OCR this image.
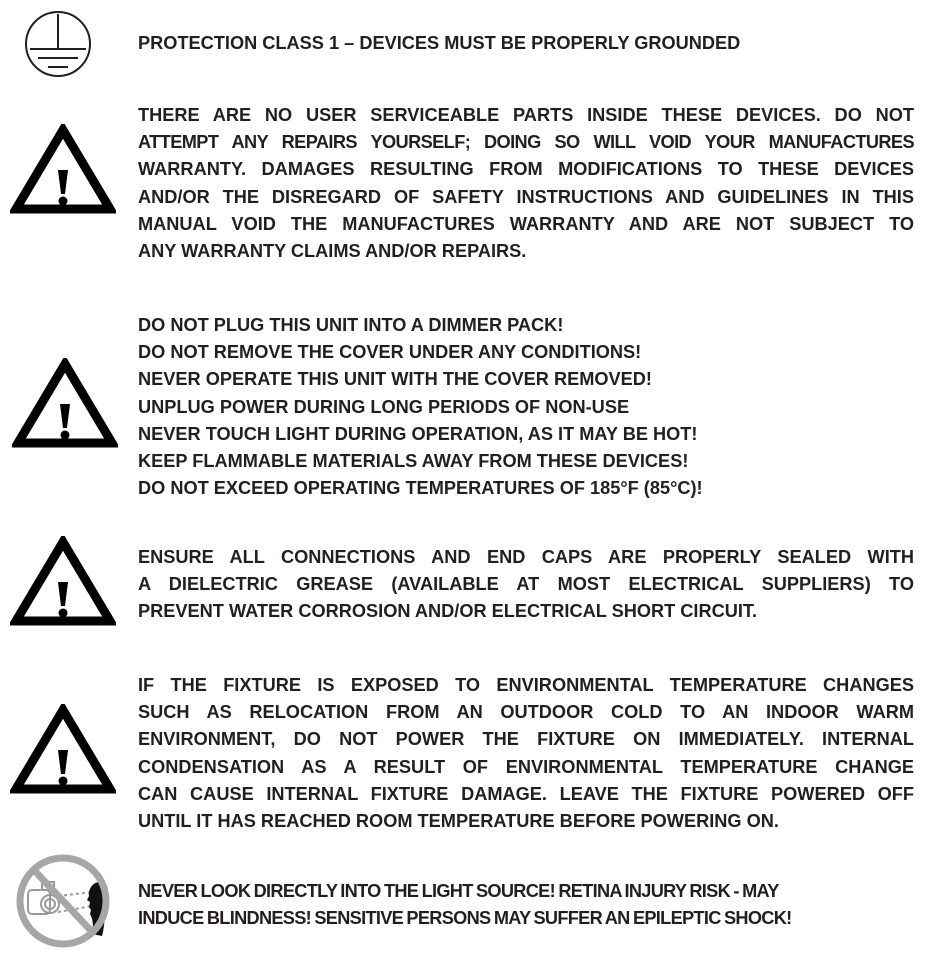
PROTECTION CLASS 1 – DEVICES MUST BE PROPERLY GROUNDED

THERE ARE NO USER SERVICEABLE PARTS INSIDE THESE DEVICES. DO NOT
ATTEMPT ANY REPAIRS YOURSELF; DOING SO WILL VOID YOUR MANUFACTURES
WARRANTY. DAMAGES RESULTING FROM MODIFICATIONS TO THESE DEVICES
AND/OR THE DISREGARD OF SAFETY INSTRUCTIONS AND GUIDELINES IN THIS
MANUAL VOID THE MANUFACTURES WARRANTY AND ARE NOT SUBJECT TO
ANY WARRANTY CLAIMS AND/OR REPAIRS.
DO NOT PLUG THIS UNIT INTO A DIMMER PACK!
DO NOT REMOVE THE COVER UNDER ANY CONDITIONS!
NEVER OPERATE THIS UNIT WITH THE COVER REMOVED!
UNPLUG POWER DURING LONG PERIODS OF NON-USE
NEVER TOUCH LIGHT DURING OPERATION, AS IT MAY BE HOT!
KEEP FLAMMABLE MATERIALS AWAY FROM THESE DEVICES!
DO NOT EXCEED OPERATING TEMPERATURES OF 185°F (85°C)!
ENSURE ALL CONNECTIONS AND END CAPS ARE PROPERLY SEALED WITH
A DIELECTRIC GREASE (AVAILABLE AT MOST ELECTRICAL SUPPLIERS) TO
PREVENT WATER CORROSION AND/OR ELECTRICAL SHORT CIRCUIT.
IF THE FIXTURE IS EXPOSED TO ENVIRONMENTAL TEMPERATURE CHANGES
SUCH AS RELOCATION FROM AN OUTDOOR COLD TO AN INDOOR WARM
ENVIRONMENT, DO NOT POWER THE FIXTURE ON IMMEDIATELY. INTERNAL
CONDENSATION AS A RESULT OF ENVIRONMENTAL TEMPERATURE CHANGE
CAN CAUSE INTERNAL FIXTURE DAMAGE. LEAVE THE FIXTURE POWERED OFF
UNTIL IT HAS REACHED ROOM TEMPERATURE BEFORE POWERING ON.
NEVER LOOK DIRECTLY INTO THE LIGHT SOURCE! RETINA INJURY RISK - MAY
INDUCE BLINDNESS! SENSITIVE PERSONS MAY SUFFER AN EPILEPTIC SHOCK!
